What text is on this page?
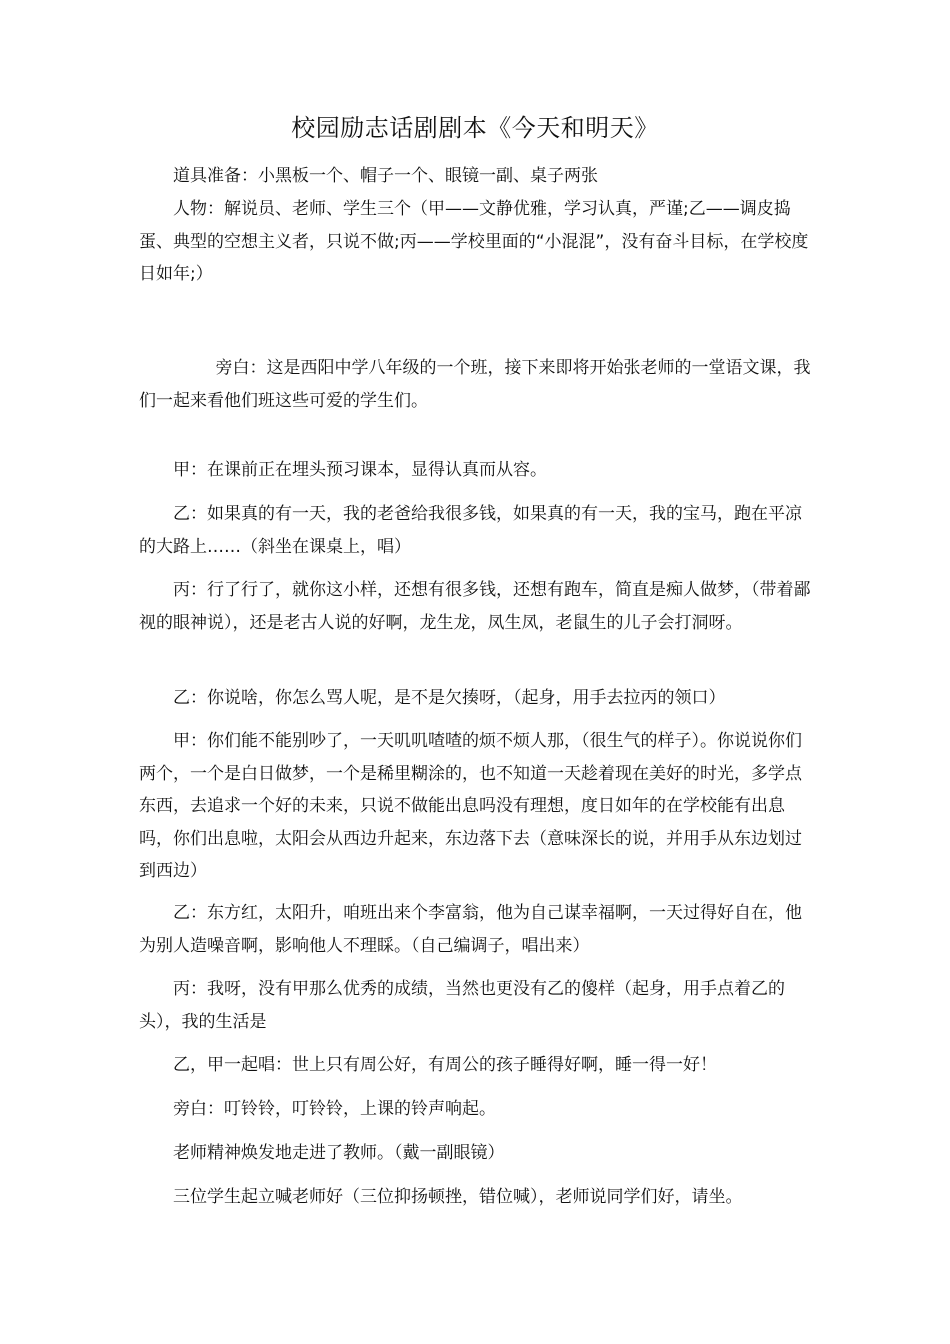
校园励志话剧剧本《今天和明天》

道具准备：小黑板一个、帽子一个、眼镜一副、桌子两张

人物：解说员、老师、学生三个（甲——文静优雅，学习认真，严谨;乙——调皮捣蛋、典型的空想主义者，只说不做;丙——学校里面的“小混混”，没有奋斗目标，在学校度日如年;）

旁白：这是西阳中学八年级的一个班，接下来即将开始张老师的一堂语文课，我们一起来看他们班这些可爱的学生们。

甲：在课前正在埋头预习课本，显得认真而从容。

乙：如果真的有一天，我的老爸给我很多钱，如果真的有一天，我的宝马，跑在平凉的大路上……（斜坐在课桌上，唱）

丙：行了行了，就你这小样，还想有很多钱，还想有跑车，简直是痴人做梦，（带着鄙视的眼神说），还是老古人说的好啊，龙生龙，凤生凤，老鼠生的儿子会打洞呀。

乙：你说啥，你怎么骂人呢，是不是欠揍呀，（起身，用手去拉丙的领口）

甲：你们能不能别吵了，一天叽叽喳喳的烦不烦人那，（很生气的样子）。你说说你们两个，一个是白日做梦，一个是稀里糊涂的，也不知道一天趁着现在美好的时光，多学点东西，去追求一个好的未来，只说不做能出息吗没有理想，度日如年的在学校能有出息吗，你们出息啦，太阳会从西边升起来，东边落下去（意味深长的说，并用手从东边划过到西边）

乙：东方红，太阳升，咱班出来个李富翁，他为自己谋幸福啊，一天过得好自在，他为别人造噪音啊，影响他人不理睬。（自己编调子，唱出来）

丙：我呀，没有甲那么优秀的成绩，当然也更没有乙的傻样（起身，用手点着乙的头），我的生活是

乙，甲一起唱：世上只有周公好，有周公的孩子睡得好啊，睡一得一好！

旁白：叮铃铃，叮铃铃，上课的铃声响起。

老师精神焕发地走进了教师。（戴一副眼镜）

三位学生起立喊老师好（三位抑扬顿挫，错位喊），老师说同学们好，请坐。
